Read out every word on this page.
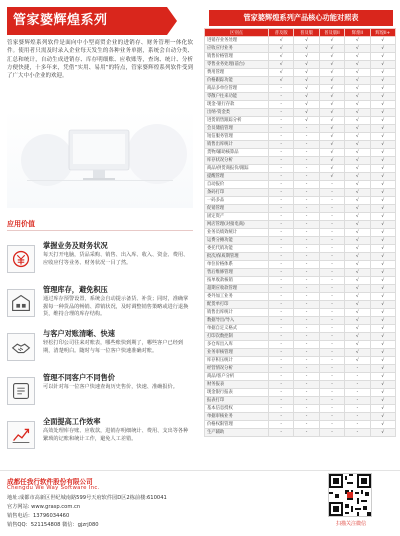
管家婆辉煌系列

管家婆辉煌系列软件是面向中小型商贸企业的进销存、财务管理一体化软件。使用者只需及时录入企业每天发生的各种业务单据，系统会自动分类、汇总和统计，自动生成进销存、库存明细账、应收账等，查询、统计、分析方便快捷，十多年来，凭借“实用、易用”的特点，管家婆辉煌系列软件受到了广大中小企业的欢迎。

应用价值
掌握业务及财务状况
每天打开电脑，货品采购、销售、出入库、收入、资金、费用、应收应付等业务、财务状况一目了然。
管理库存，避免积压
通过库存预警设置，系统会自动提示备货、补货；同时，准确掌握每一种货品的畅销、滞销状况，及时调整销售策略或进行退换货，维持合理的库存结构。
与客户对账清晰、快速
轻松打印公司往来对账表，哪些账快到期了，哪些客户已经到期，清楚明白。随时与每一位客户快速准确对账。
管理不同客户不同售价
可以针对每一位客户快速查询历史售价，快速、准确报价。
全面提高工作效率
高效处理库存账、应收款，进销存明细统计、费用、支出等各种繁琐的记账和统计工作，避免人工差错。
管家婆辉煌系列产品核心功能对照表
区别点	普及版	普及版	普及版II	辉煌II	辉煌II+
进销存业务处理	√	√	√	√	√
应收应付业务	√	√	√	√	√
销售价格管理	√	√	√	√	√
零售业务处理(前台)	√	√	√	√	√
费用管理	√	√	√	√	√
价格跟踪功能	√	√	√	√	√
商品多单位管理	-	√	√	√	√
零散户往来功能	-	√	√	√	√
现金-银行存款	-	√	√	√	√
出纳-资金类	-	√	√	√	√
进货销售跟踪分析	-	√	√	√	√
会员储值管理	-	-	√	√	√
短信服务管理	-	-	√	√	√
销售出库统计	-	-	√	√	√
货物/辅助核算品	-	-	√	√	√
库存状况分析	-	-	√	√	√
商品/供货商报价/跟踪	-	-	√	√	√
提醒管理	-	-	√	√	√
自动报价	-	-	-	√	√
条码打印	-	-	-	√	√
一码多品	-	-	-	√	√
促销管理	-	-	-	√	√
固定资产	-	-	-	√	√
网店管理(对接电商)	-	-	-	√	√
业务员绩效统计	-	-	-	√	√
运费分摊功能	-	-	-	√	√
委托代销功能	-	-	-	√	√
批次/保质期管理	-	-	-	√	√
单位价格体系	-	-	-	√	√
售后维修管理	-	-	-	√	√
按单收款核销	-	-	-	√	√
超期应收款管理	-	-	-	√	√
委外加工业务	-	-	-	√	√
配货单打印	-	-	-	√	√
销售出库统计	-	-	-	√	√
数据导出/导入	-	-	-	√	√
单据自定义格式	-	-	-	√	√
打印次数控制	-	-	-	√	√
多仓库出入库	-	-	-	√	√
业务审核管理	-	-	-	√	√
库存积压统计	-	-	-	√	√
经营情况分析	-	-	-	-	√
商品/客户分析	-	-	-	-	√
财务报表	-	-	-	-	√
现金银行报表	-	-	-	-	√
报表打印	-	-	-	-	√
基本信息授权	-	-	-	-	√
单据审核业务	-	-	-	-	√
价格权限管理	-	-	-	-	√
生产辅助	-	-	-	-	√
成都任我行软件股份有限公司
Chengdu We Way Software Inc.
地址:成都市高新区世纪城南路599号天府软件园D区2栋前楼:610041
官方网站: www.grasp.com.cn
销售电话：13796034460
销售QQ：521154808 微信：gjzrj080	扫描关注微信
